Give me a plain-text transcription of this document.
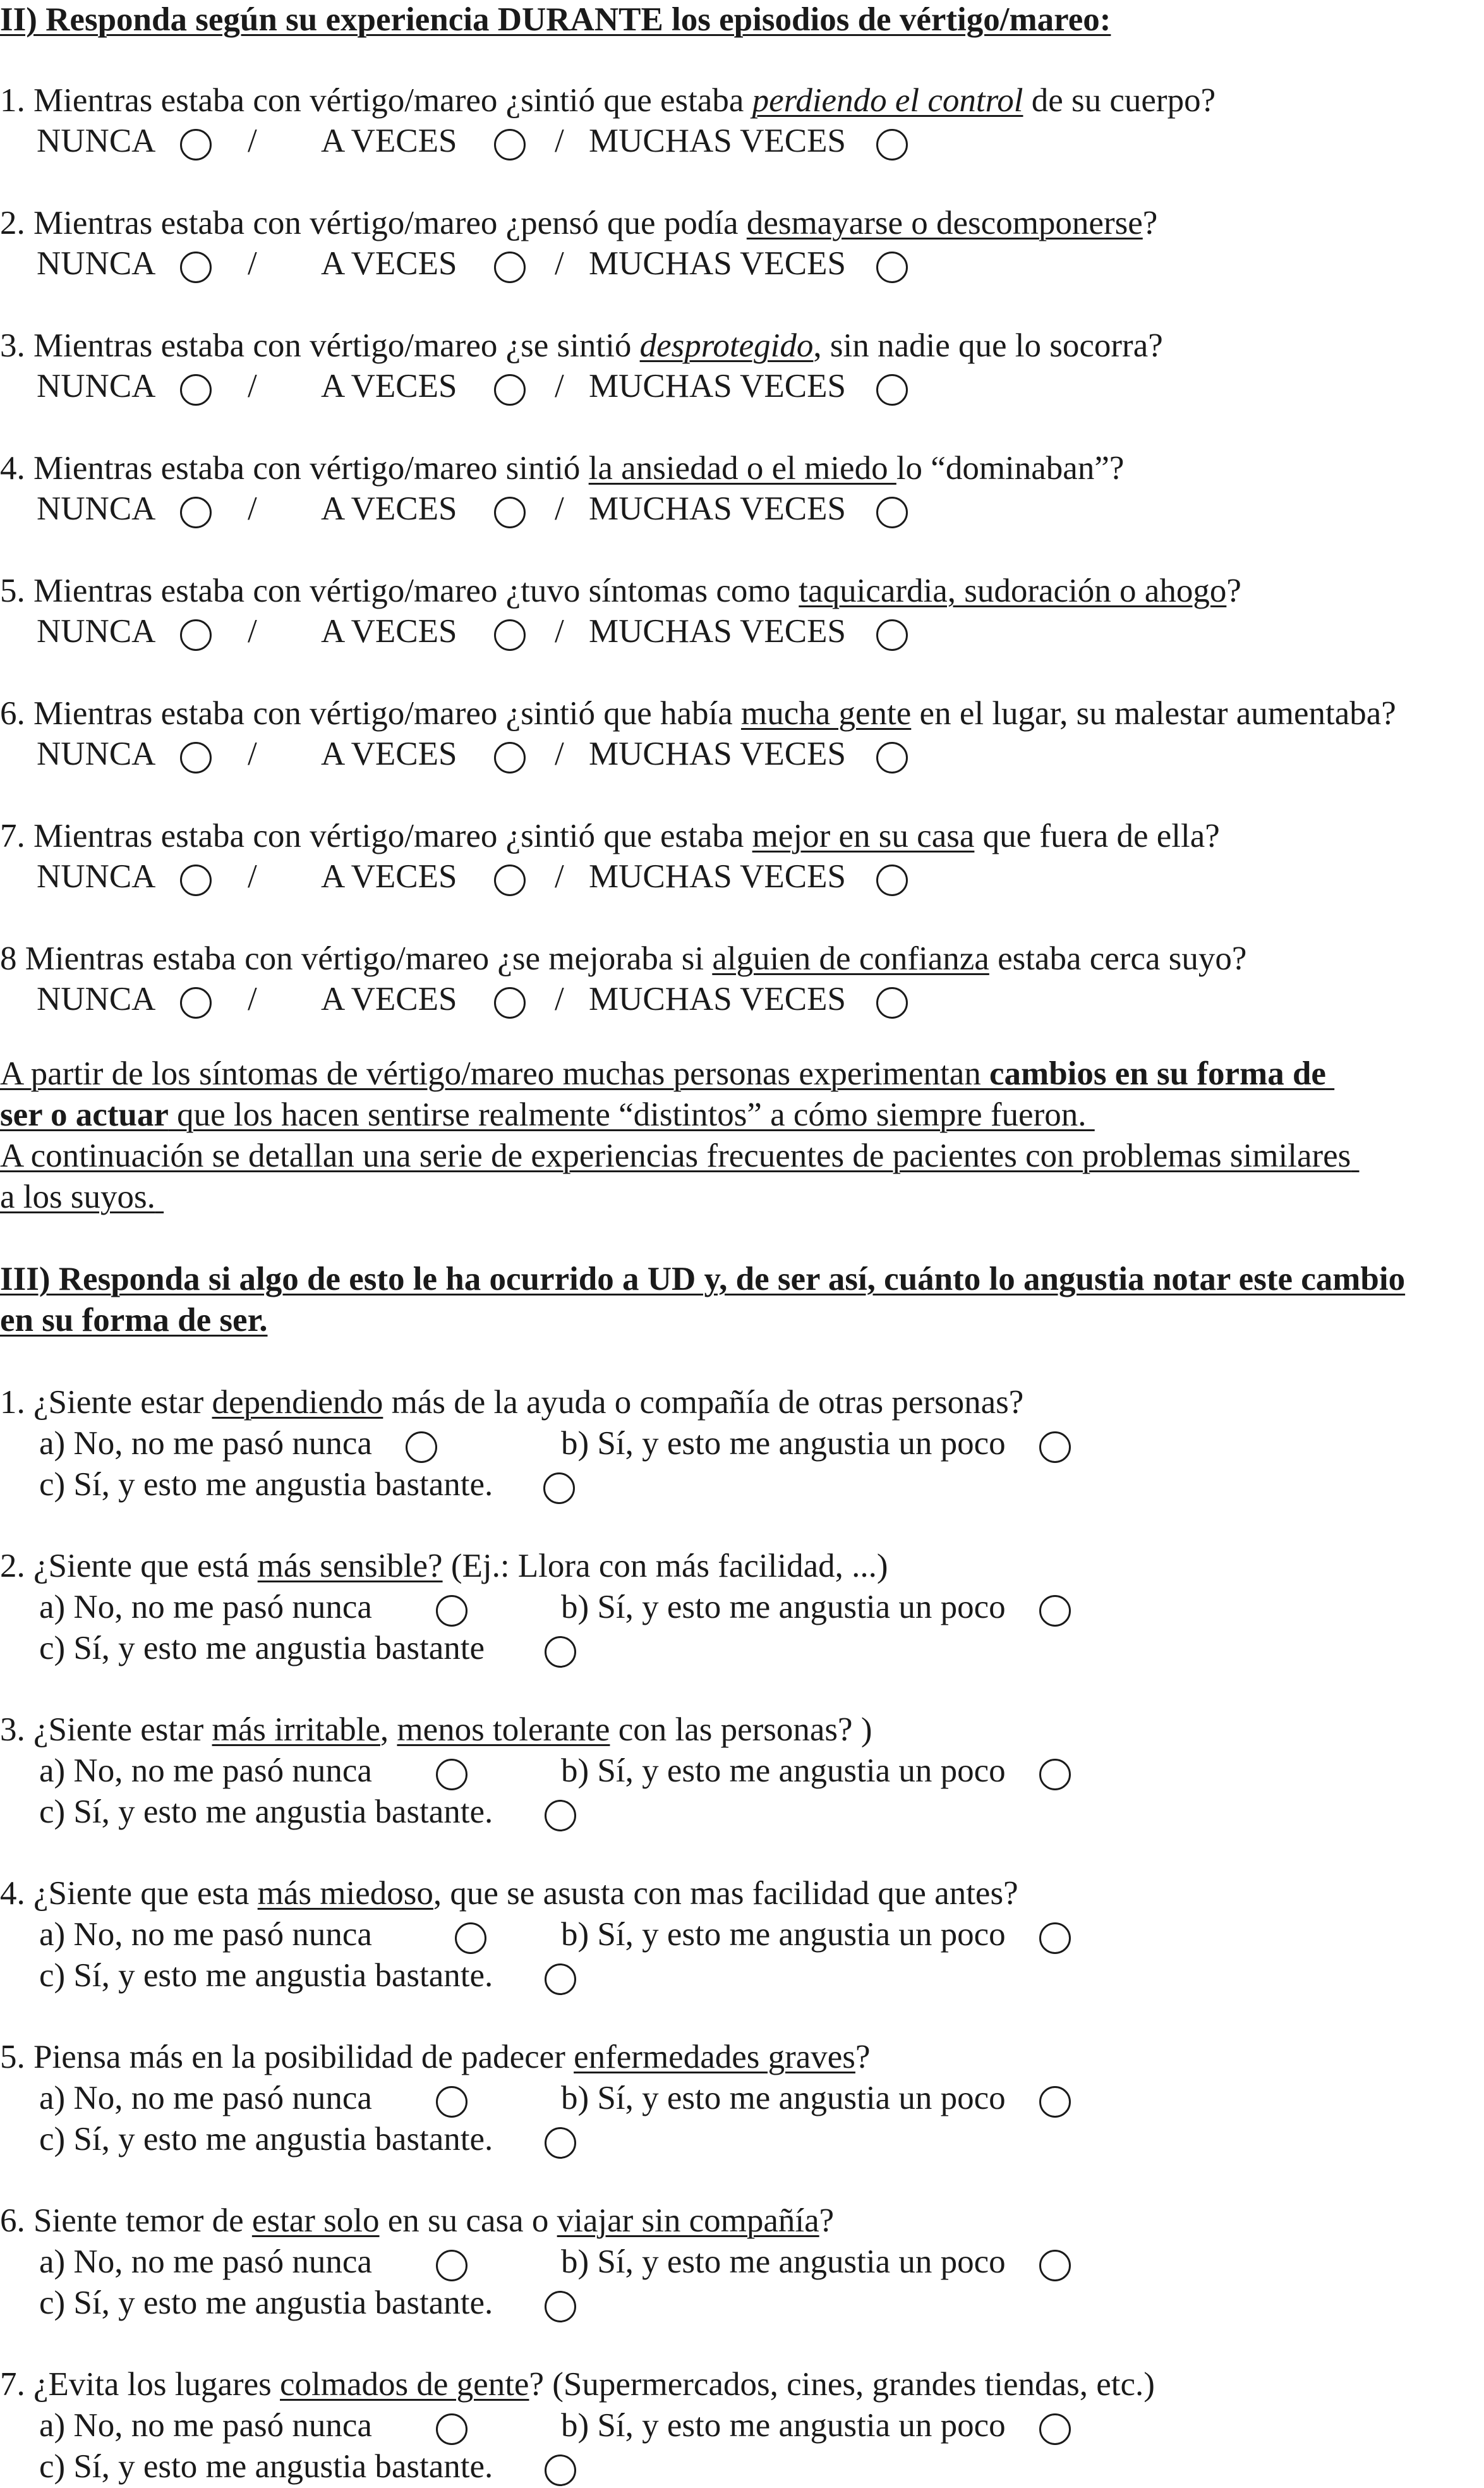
II) Responda según su experiencia DURANTE los episodios de vértigo/mareo:
1. Mientras estaba con vértigo/mareo ¿sintió que estaba perdiendo el control de su cuerpo?
NUNCA	/ A VECES	/ MUCHAS VECES
2. Mientras estaba con vértigo/mareo ¿pensó que podía desmayarse o descomponerse?
NUNCA	/ A VECES	/ MUCHAS VECES
3. Mientras estaba con vértigo/mareo ¿se sintió desprotegido, sin nadie que lo socorra?
NUNCA	/ A VECES	/ MUCHAS VECES
4. Mientras estaba con vértigo/mareo sintió la ansiedad o el miedo lo “dominaban”?
NUNCA	/ A VECES	/ MUCHAS VECES
5. Mientras estaba con vértigo/mareo ¿tuvo síntomas como taquicardia, sudoración o ahogo?
NUNCA	/ A VECES	/ MUCHAS VECES
6. Mientras estaba con vértigo/mareo ¿sintió que había mucha gente en el lugar, su malestar aumentaba?
NUNCA	/ A VECES	/ MUCHAS VECES
7. Mientras estaba con vértigo/mareo ¿sintió que estaba mejor en su casa que fuera de ella?
NUNCA	/ A VECES	/ MUCHAS VECES
8 Mientras estaba con vértigo/mareo ¿se mejoraba si alguien de confianza estaba cerca suyo?
NUNCA	/ A VECES	/ MUCHAS VECES
A partir de los síntomas de vértigo/mareo muchas personas experimentan cambios en su forma de
ser o actuar que los hacen sentirse realmente “distintos” a cómo siempre fueron.
A continuación se detallan una serie de experiencias frecuentes de pacientes con problemas similares
a los suyos.
III) Responda si algo de esto le ha ocurrido a UD y, de ser así, cuánto lo angustia notar este cambio
en su forma de ser.
1. ¿Siente estar dependiendo más de la ayuda o compañía de otras personas?
a) No, no me pasó nunca	b) Sí, y esto me angustia un poco
c) Sí, y esto me angustia bastante.
2. ¿Siente que está más sensible? (Ej.: Llora con más facilidad, ...)
a) No, no me pasó nunca	b) Sí, y esto me angustia un poco
c) Sí, y esto me angustia bastante
3. ¿Siente estar más irritable, menos tolerante con las personas? )
a) No, no me pasó nunca	b) Sí, y esto me angustia un poco
c) Sí, y esto me angustia bastante.
4. ¿Siente que esta más miedoso, que se asusta con mas facilidad que antes?
a) No, no me pasó nunca	b) Sí, y esto me angustia un poco
c) Sí, y esto me angustia bastante.
5. Piensa más en la posibilidad de padecer enfermedades graves?
a) No, no me pasó nunca	b) Sí, y esto me angustia un poco
c) Sí, y esto me angustia bastante.
6. Siente temor de estar solo en su casa o viajar sin compañía?
a) No, no me pasó nunca	b) Sí, y esto me angustia un poco
c) Sí, y esto me angustia bastante.
7. ¿Evita los lugares colmados de gente? (Supermercados, cines, grandes tiendas, etc.)
a) No, no me pasó nunca	b) Sí, y esto me angustia un poco
c) Sí, y esto me angustia bastante.
